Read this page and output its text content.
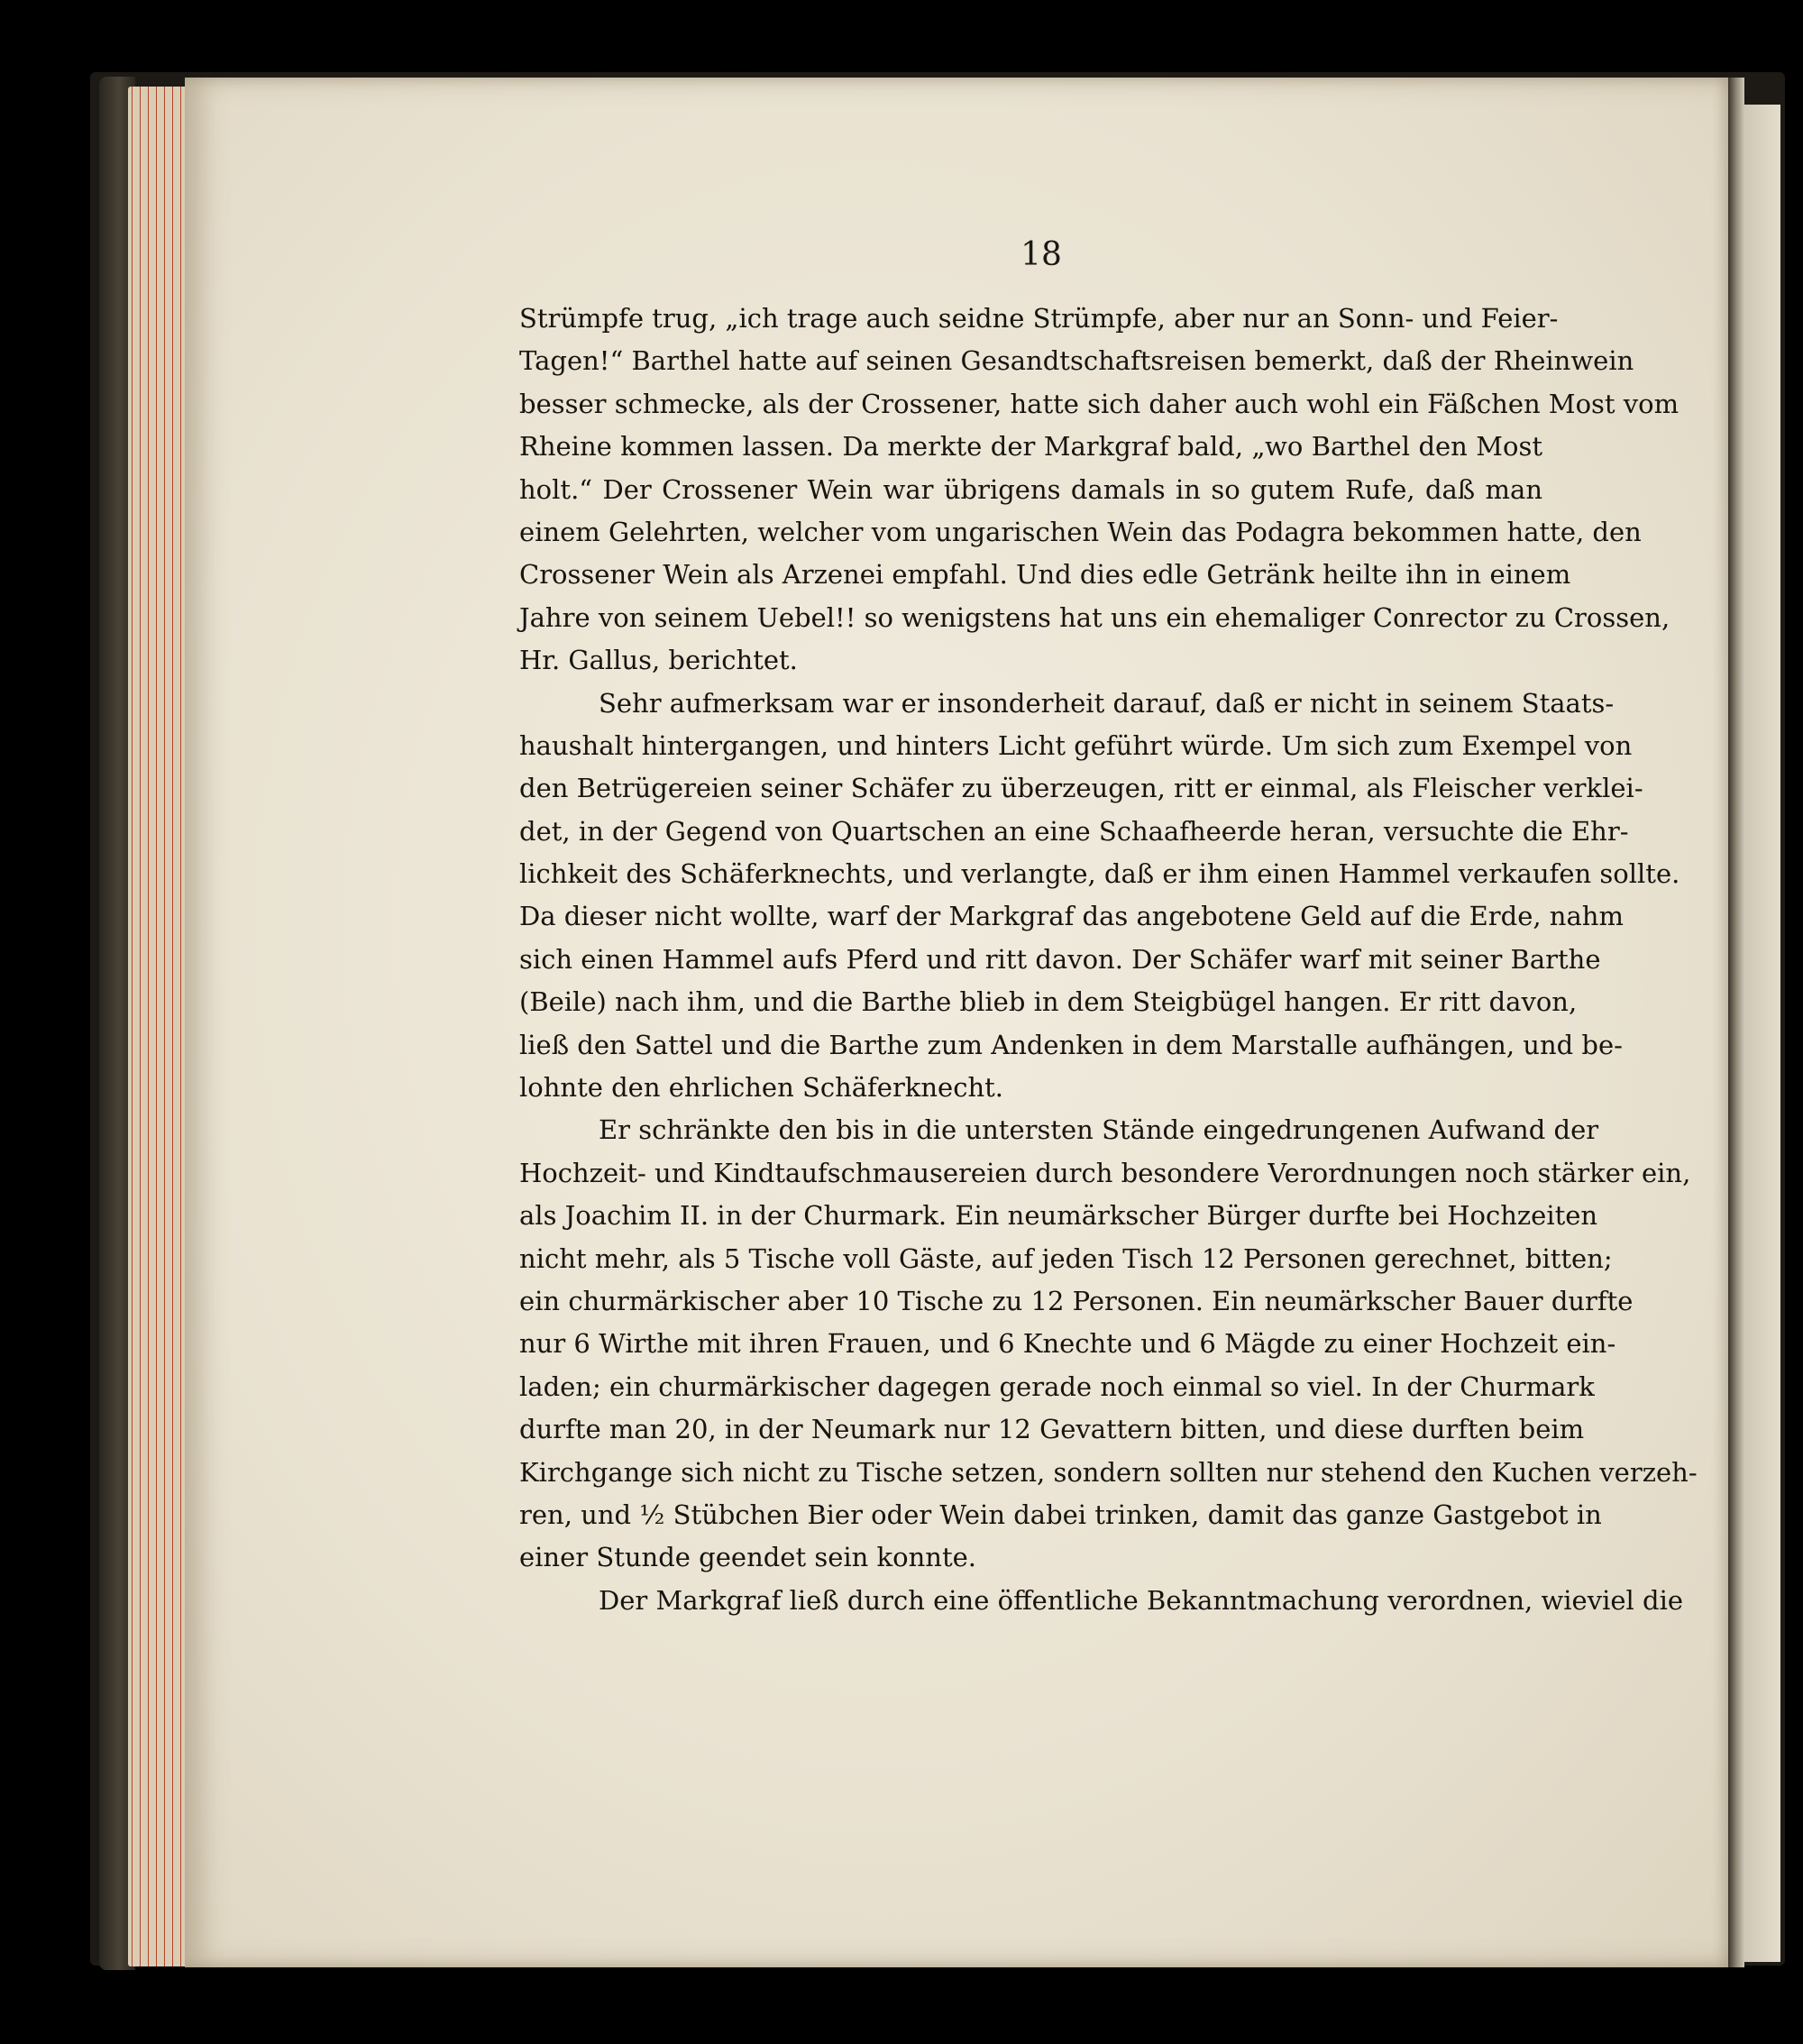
18
Strümpfe trug, „ich trage auch seidne Strümpfe, aber nur an Sonn- und Feier-
Tagen!“ Barthel hatte auf seinen Gesandtschaftsreisen bemerkt, daß der Rheinwein
besser schmecke, als der Crossener, hatte sich daher auch wohl ein Fäßchen Most vom
Rheine kommen lassen. Da merkte der Markgraf bald, „wo Barthel den Most
holt.“ Der Crossener Wein war übrigens damals in so gutem Rufe, daß man
einem Gelehrten, welcher vom ungarischen Wein das Podagra bekommen hatte, den
Crossener Wein als Arzenei empfahl. Und dies edle Getränk heilte ihn in einem
Jahre von seinem Uebel!! so wenigstens hat uns ein ehemaliger Conrector zu Crossen,
Hr. Gallus, berichtet.
Sehr aufmerksam war er insonderheit darauf, daß er nicht in seinem Staats-
haushalt hintergangen, und hinters Licht geführt würde. Um sich zum Exempel von
den Betrügereien seiner Schäfer zu überzeugen, ritt er einmal, als Fleischer verklei-
det, in der Gegend von Quartschen an eine Schaafheerde heran, versuchte die Ehr-
lichkeit des Schäferknechts, und verlangte, daß er ihm einen Hammel verkaufen sollte.
Da dieser nicht wollte, warf der Markgraf das angebotene Geld auf die Erde, nahm
sich einen Hammel aufs Pferd und ritt davon. Der Schäfer warf mit seiner Barthe
(Beile) nach ihm, und die Barthe blieb in dem Steigbügel hangen. Er ritt davon,
ließ den Sattel und die Barthe zum Andenken in dem Marstalle aufhängen, und be-
lohnte den ehrlichen Schäferknecht.
Er schränkte den bis in die untersten Stände eingedrungenen Aufwand der
Hochzeit- und Kindtaufschmausereien durch besondere Verordnungen noch stärker ein,
als Joachim II. in der Churmark. Ein neumärkscher Bürger durfte bei Hochzeiten
nicht mehr, als 5 Tische voll Gäste, auf jeden Tisch 12 Personen gerechnet, bitten;
ein churmärkischer aber 10 Tische zu 12 Personen. Ein neumärkscher Bauer durfte
nur 6 Wirthe mit ihren Frauen, und 6 Knechte und 6 Mägde zu einer Hochzeit ein-
laden; ein churmärkischer dagegen gerade noch einmal so viel. In der Churmark
durfte man 20, in der Neumark nur 12 Gevattern bitten, und diese durften beim
Kirchgange sich nicht zu Tische setzen, sondern sollten nur stehend den Kuchen verzeh-
ren, und ½ Stübchen Bier oder Wein dabei trinken, damit das ganze Gastgebot in
einer Stunde geendet sein konnte.
Der Markgraf ließ durch eine öffentliche Bekanntmachung verordnen, wieviel die
